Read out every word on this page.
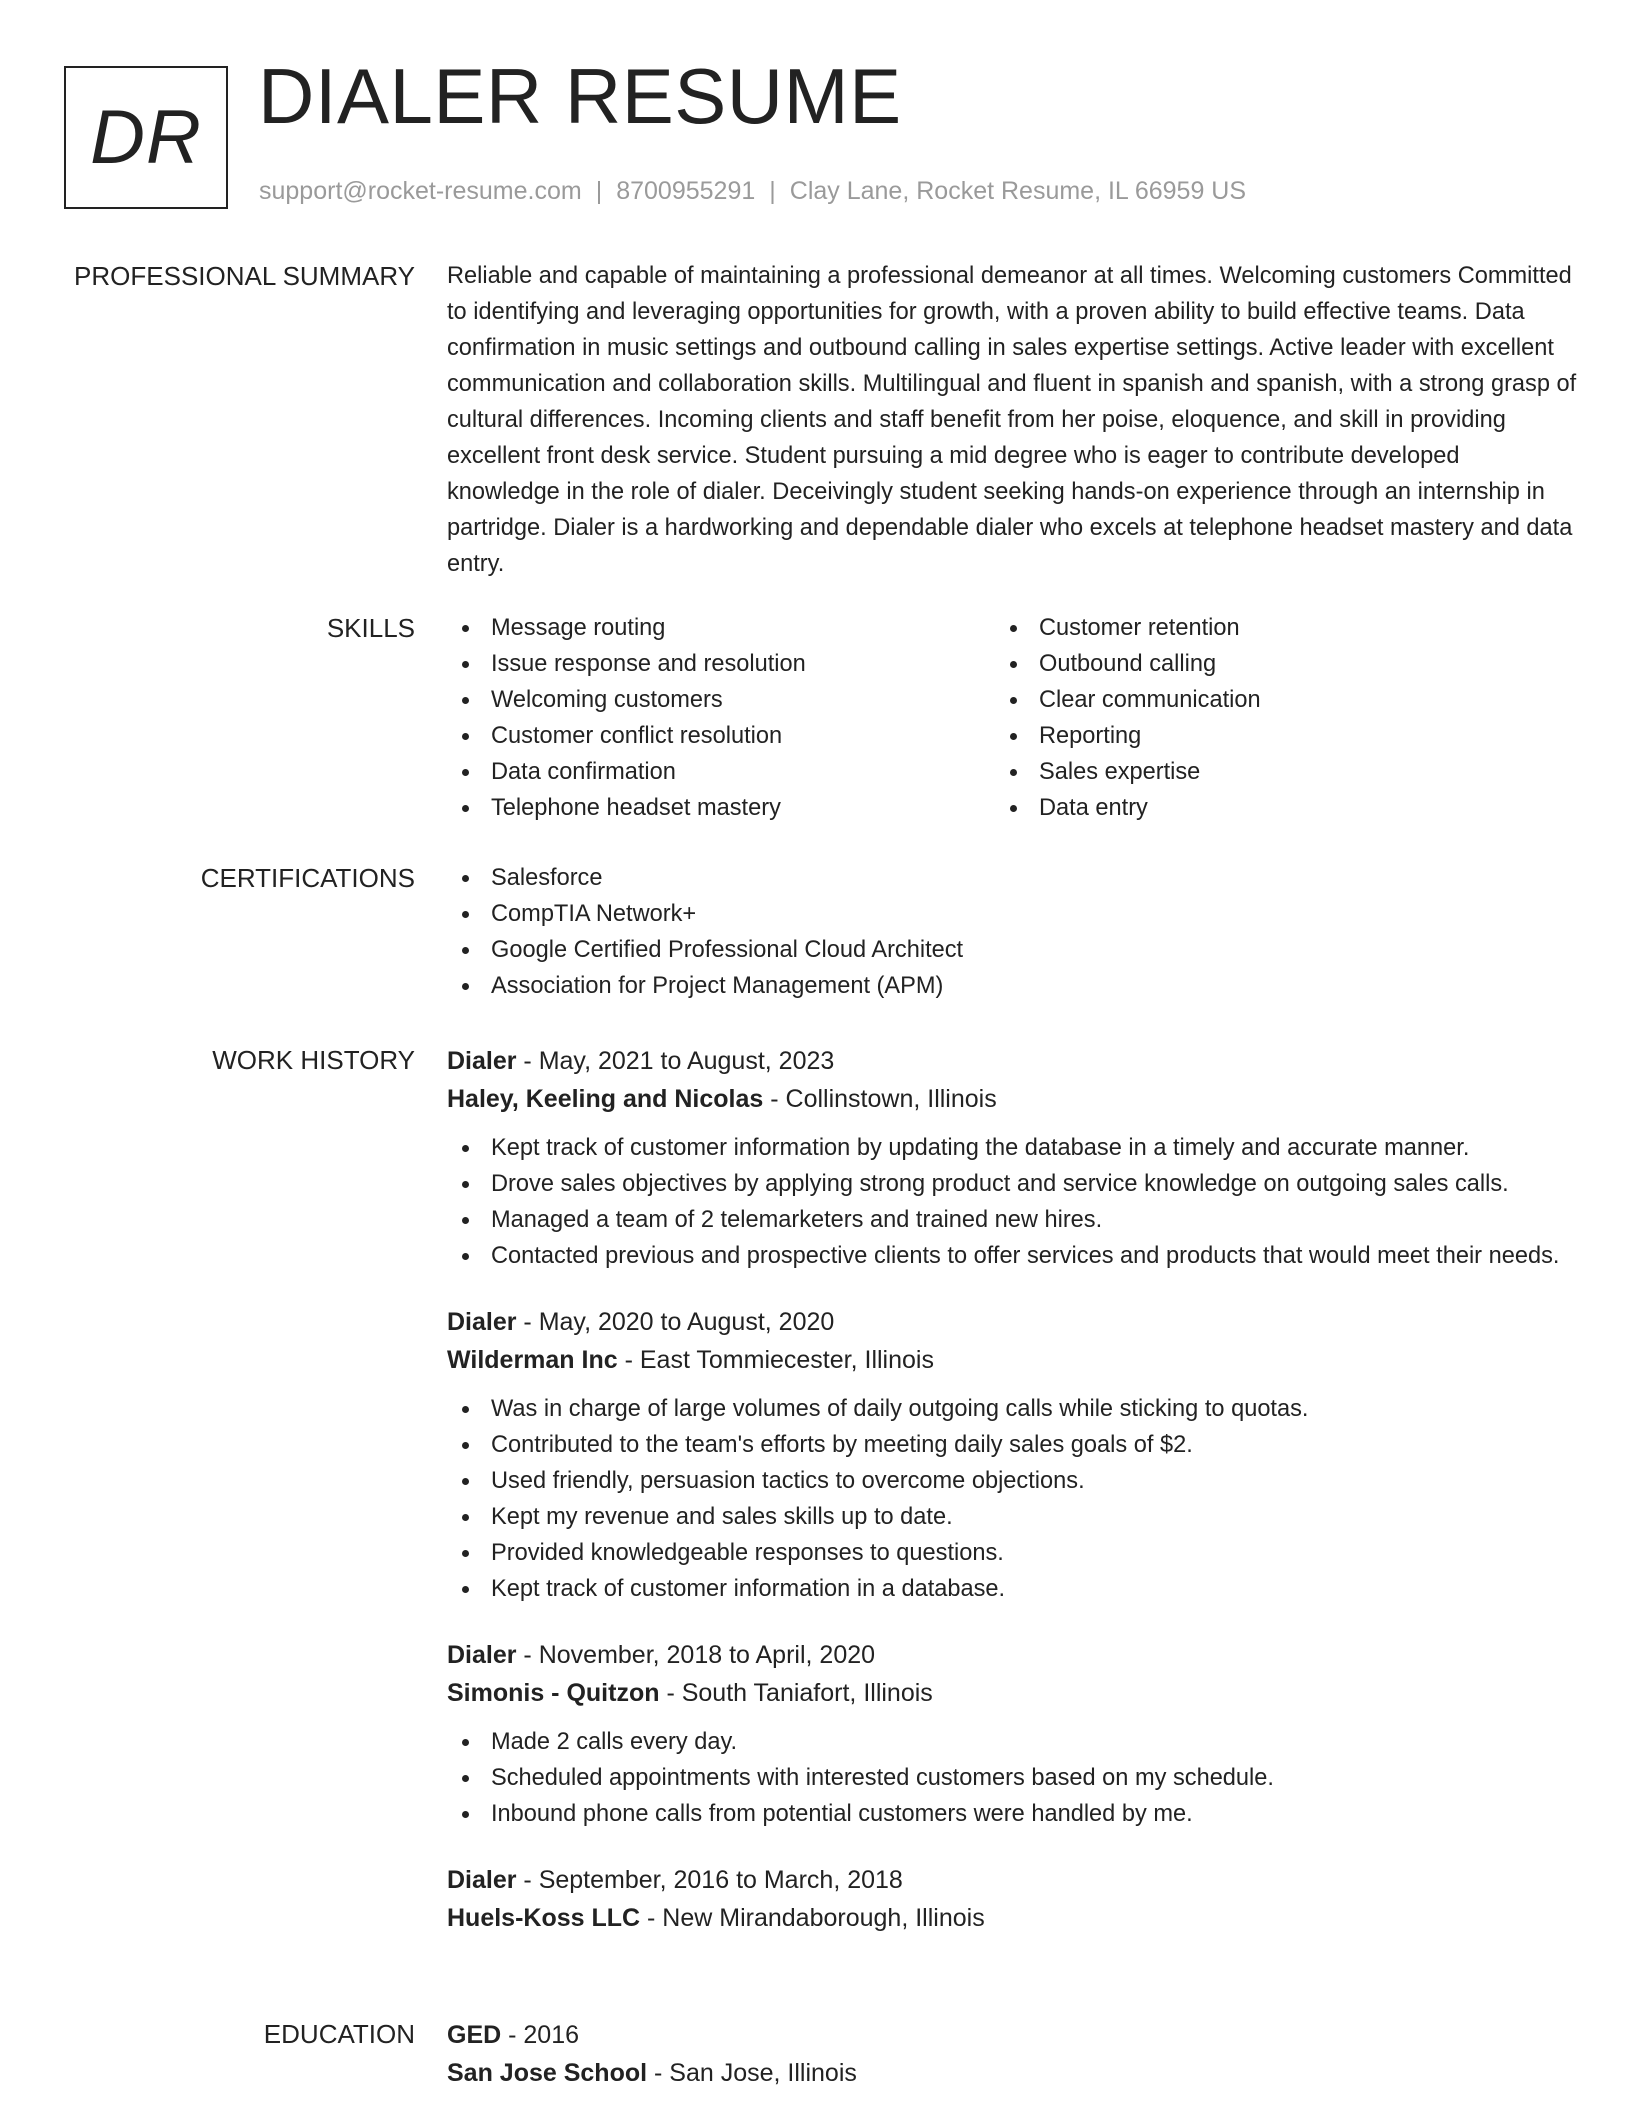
DR DIALER RESUME
support@rocket-resume.com | 8700955291 | Clay Lane, Rocket Resume, IL 66959 US
PROFESSIONAL SUMMARY Reliable and capable of maintaining a professional demeanor at all times. Welcoming customers Committed to identifying and leveraging opportunities for growth, with a proven ability to build effective teams. Data confirmation in music settings and outbound calling in sales expertise settings. Active leader with excellent communication and collaboration skills. Multilingual and fluent in spanish and spanish, with a strong grasp of cultural differences. Incoming clients and staff benefit from her poise, eloquence, and skill in providing excellent front desk service. Student pursuing a mid degree who is eager to contribute developed knowledge in the role of dialer. Deceivingly student seeking hands-on experience through an internship in partridge. Dialer is a hardworking and dependable dialer who excels at telephone headset mastery and data entry.

SKILLS	Message routing
Issue response and resolution
Welcoming customers
Customer conflict resolution
Data confirmation
Telephone headset mastery
Customer retention
Outbound calling
Clear communication
Reporting
Sales expertise
Data entry
CERTIFICATIONS	Salesforce
CompTIA Network+
Google Certified Professional Cloud Architect
Association for Project Management (APM)
WORK HISTORY Dialer - May, 2021 to August, 2023
Haley, Keeling and Nicolas - Collinstown, Illinois
Kept track of customer information by updating the database in a timely and accurate manner.
Drove sales objectives by applying strong product and service knowledge on outgoing sales calls.
Managed a team of 2 telemarketers and trained new hires.
Contacted previous and prospective clients to offer services and products that would meet their needs.
Dialer - May, 2020 to August, 2020
Wilderman Inc - East Tommiecester, Illinois
Was in charge of large volumes of daily outgoing calls while sticking to quotas.
Contributed to the team's efforts by meeting daily sales goals of $2.
Used friendly, persuasion tactics to overcome objections.
Kept my revenue and sales skills up to date.
Provided knowledgeable responses to questions.
Kept track of customer information in a database.
Dialer - November, 2018 to April, 2020
Simonis - Quitzon - South Taniafort, Illinois
Made 2 calls every day.
Scheduled appointments with interested customers based on my schedule.
Inbound phone calls from potential customers were handled by me.
Dialer - September, 2016 to March, 2018
Huels-Koss LLC - New Mirandaborough, Illinois
EDUCATION GED - 2016
San Jose School - San Jose, Illinois
